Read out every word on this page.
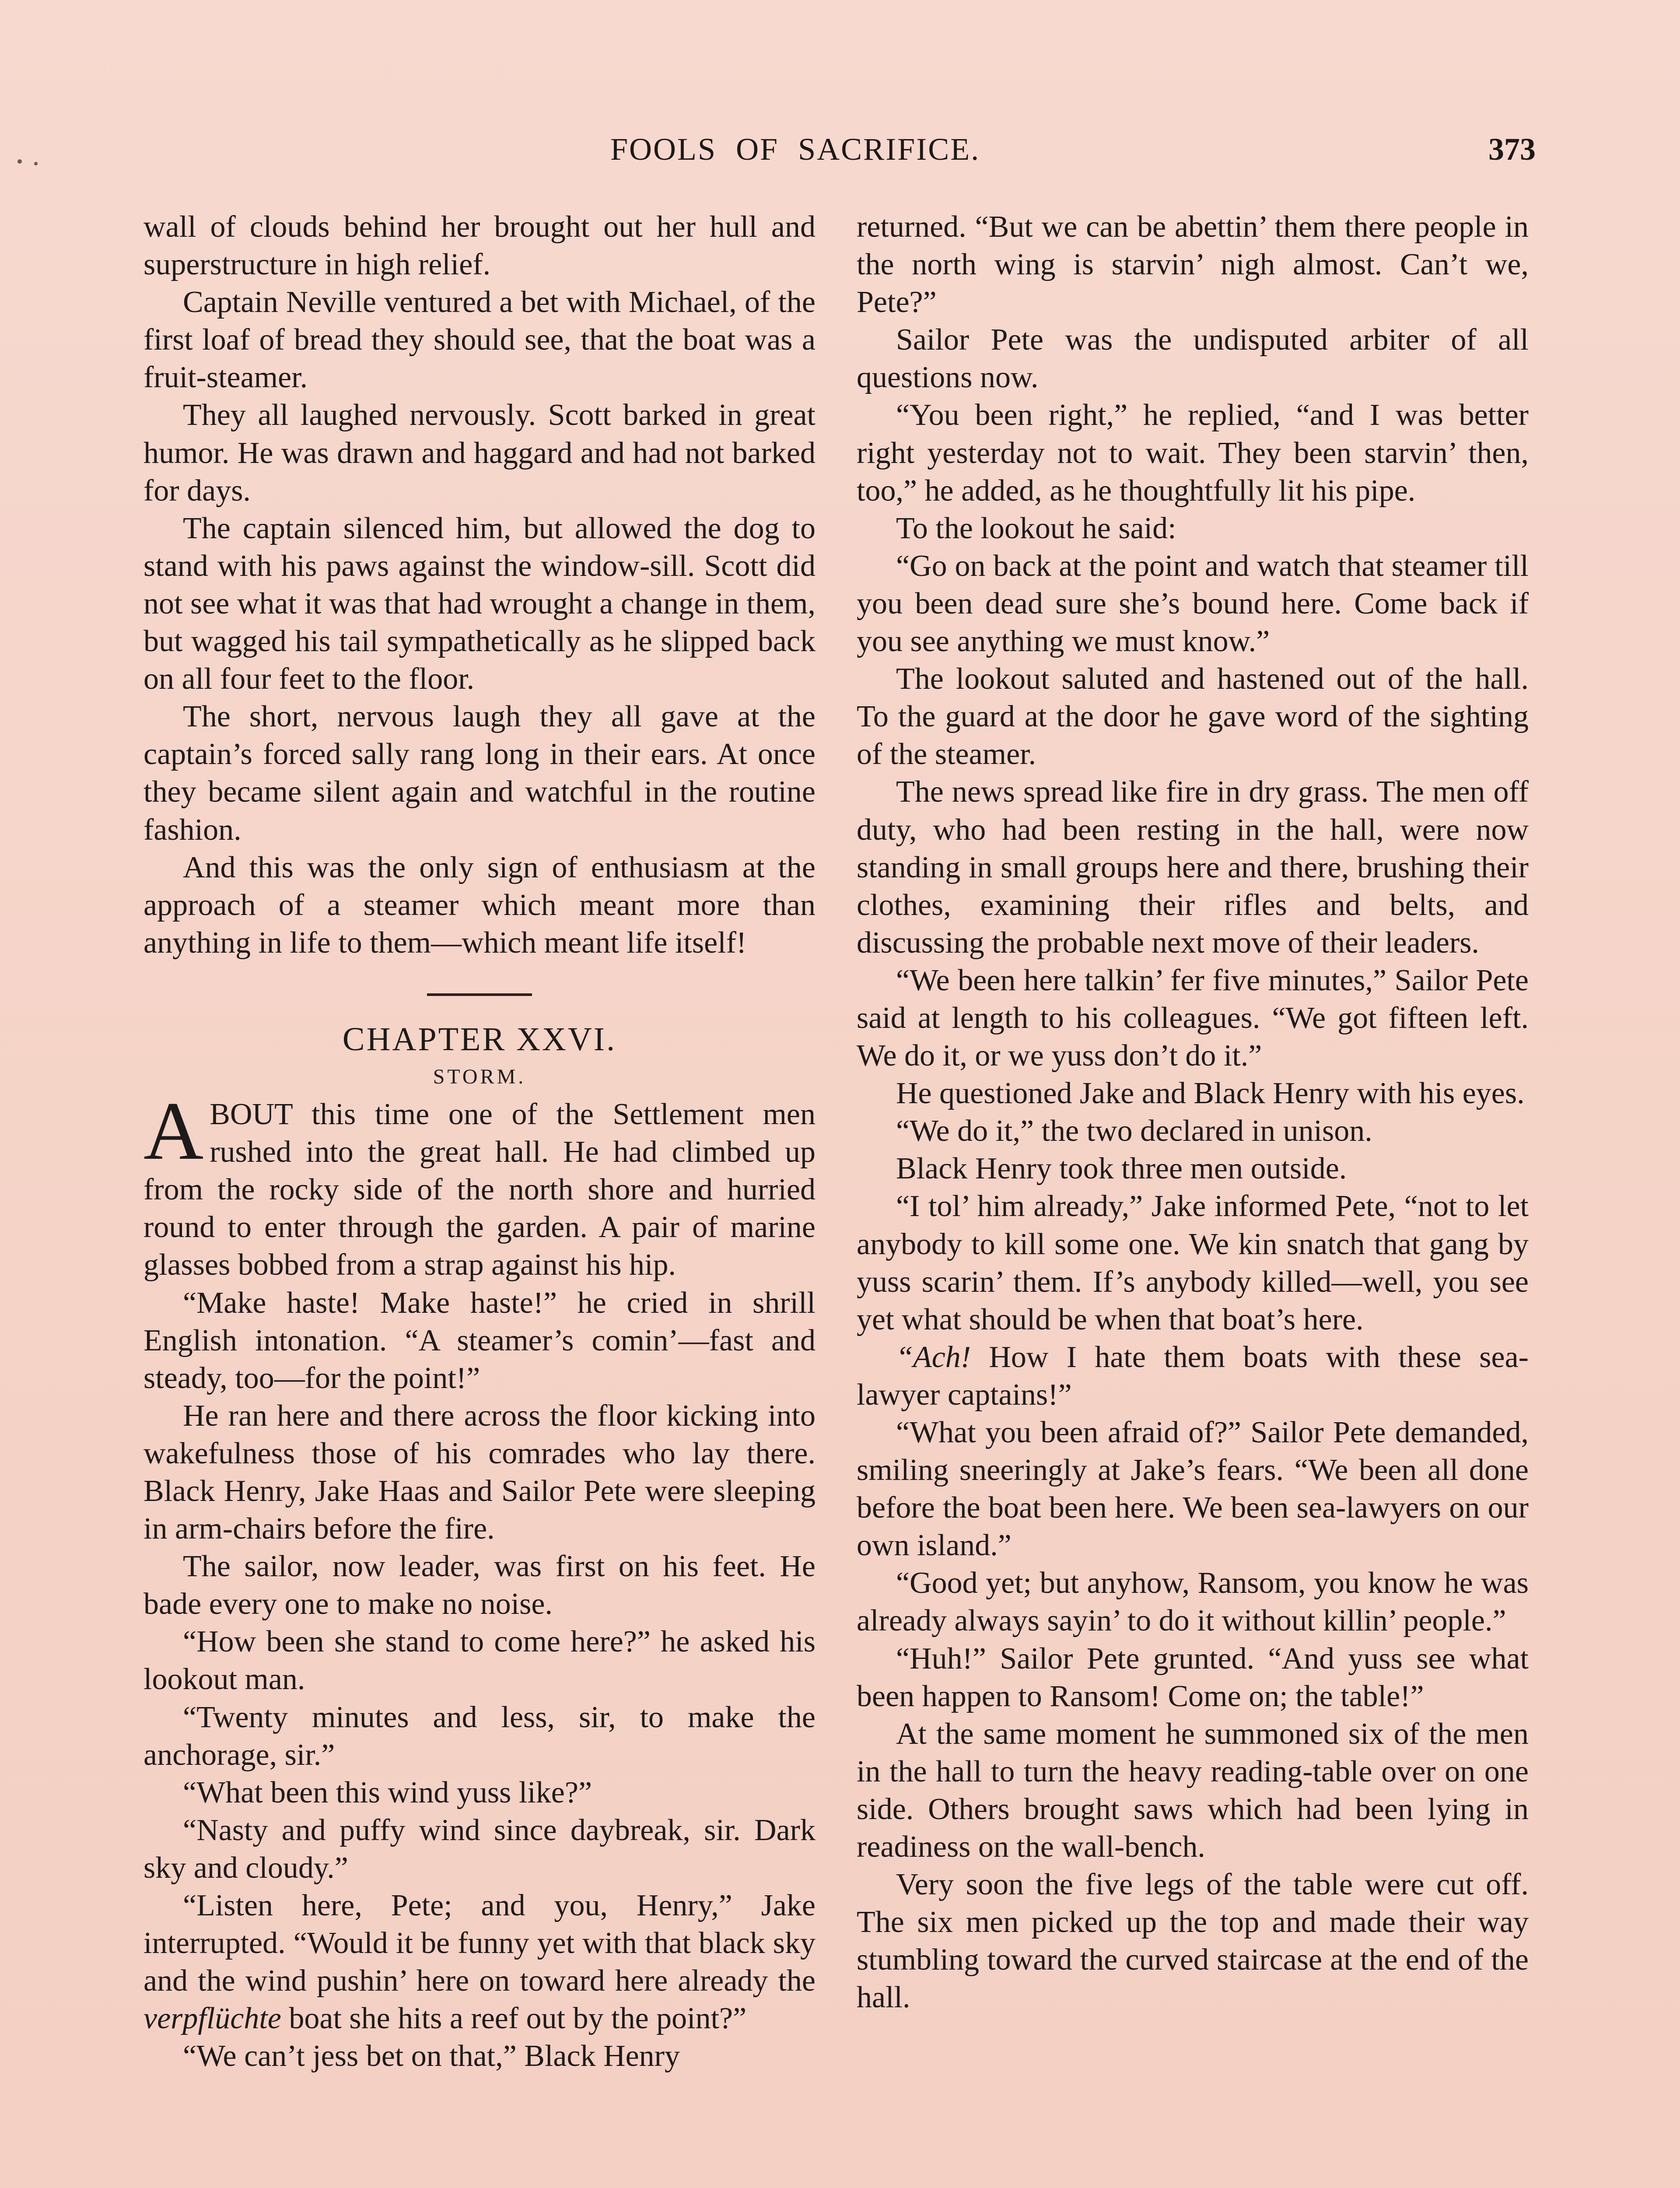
FOOLS OF SACRIFICE.	373

wall of clouds behind her brought out her hull and superstructure in high relief.

Captain Neville ventured a bet with Michael, of the first loaf of bread they should see, that the boat was a fruit-steamer.

They all laughed nervously. Scott barked in great humor. He was drawn and haggard and had not barked for days.

The captain silenced him, but allowed the dog to stand with his paws against the window-sill. Scott did not see what it was that had wrought a change in them, but wagged his tail sympathetically as he slipped back on all four feet to the floor.

The short, nervous laugh they all gave at the captain’s forced sally rang long in their ears. At once they became silent again and watchful in the routine fashion.

And this was the only sign of enthusiasm at the approach of a steamer which meant more than anything in life to them—which meant life itself!

CHAPTER XXVI.

STORM.

ABOUT this time one of the Settlement men rushed into the great hall. He had climbed up from the rocky side of the north shore and hurried round to enter through the garden. A pair of marine glasses bobbed from a strap against his hip.

“Make haste! Make haste!” he cried in shrill English intonation. “A steamer’s comin’—fast and steady, too—for the point!”

He ran here and there across the floor kicking into wakefulness those of his comrades who lay there. Black Henry, Jake Haas and Sailor Pete were sleeping in arm-chairs before the fire.

The sailor, now leader, was first on his feet. He bade every one to make no noise.

“How been she stand to come here?” he asked his lookout man.

“Twenty minutes and less, sir, to make the anchorage, sir.”

“What been this wind yuss like?”

“Nasty and puffy wind since daybreak, sir. Dark sky and cloudy.”

“Listen here, Pete; and you, Henry,” Jake interrupted. “Would it be funny yet with that black sky and the wind pushin’ here on toward here already the verpflüchte boat she hits a reef out by the point?”

“We can’t jess bet on that,” Black Henry

returned. “But we can be abettin’ them there people in the north wing is starvin’ nigh almost. Can’t we, Pete?”

Sailor Pete was the undisputed arbiter of all questions now.

“You been right,” he replied, “and I was better right yesterday not to wait. They been starvin’ then, too,” he added, as he thoughtfully lit his pipe.

To the lookout he said:

“Go on back at the point and watch that steamer till you been dead sure she’s bound here. Come back if you see anything we must know.”

The lookout saluted and hastened out of the hall. To the guard at the door he gave word of the sighting of the steamer.

The news spread like fire in dry grass. The men off duty, who had been resting in the hall, were now standing in small groups here and there, brushing their clothes, examining their rifles and belts, and discussing the probable next move of their leaders.

“We been here talkin’ fer five minutes,” Sailor Pete said at length to his colleagues. “We got fifteen left. We do it, or we yuss don’t do it.”

He questioned Jake and Black Henry with his eyes.

“We do it,” the two declared in unison.

Black Henry took three men outside.

“I tol’ him already,” Jake informed Pete, “not to let anybody to kill some one. We kin snatch that gang by yuss scarin’ them. If’s anybody killed—well, you see yet what should be when that boat’s here.

“Ach! How I hate them boats with these sea-lawyer captains!”

“What you been afraid of?” Sailor Pete demanded, smiling sneeringly at Jake’s fears. “We been all done before the boat been here. We been sea-lawyers on our own island.”

“Good yet; but anyhow, Ransom, you know he was already always sayin’ to do it without killin’ people.”

“Huh!” Sailor Pete grunted. “And yuss see what been happen to Ransom! Come on; the table!”

At the same moment he summoned six of the men in the hall to turn the heavy reading-table over on one side. Others brought saws which had been lying in readiness on the wall-bench.

Very soon the five legs of the table were cut off. The six men picked up the top and made their way stumbling toward the curved staircase at the end of the hall.
